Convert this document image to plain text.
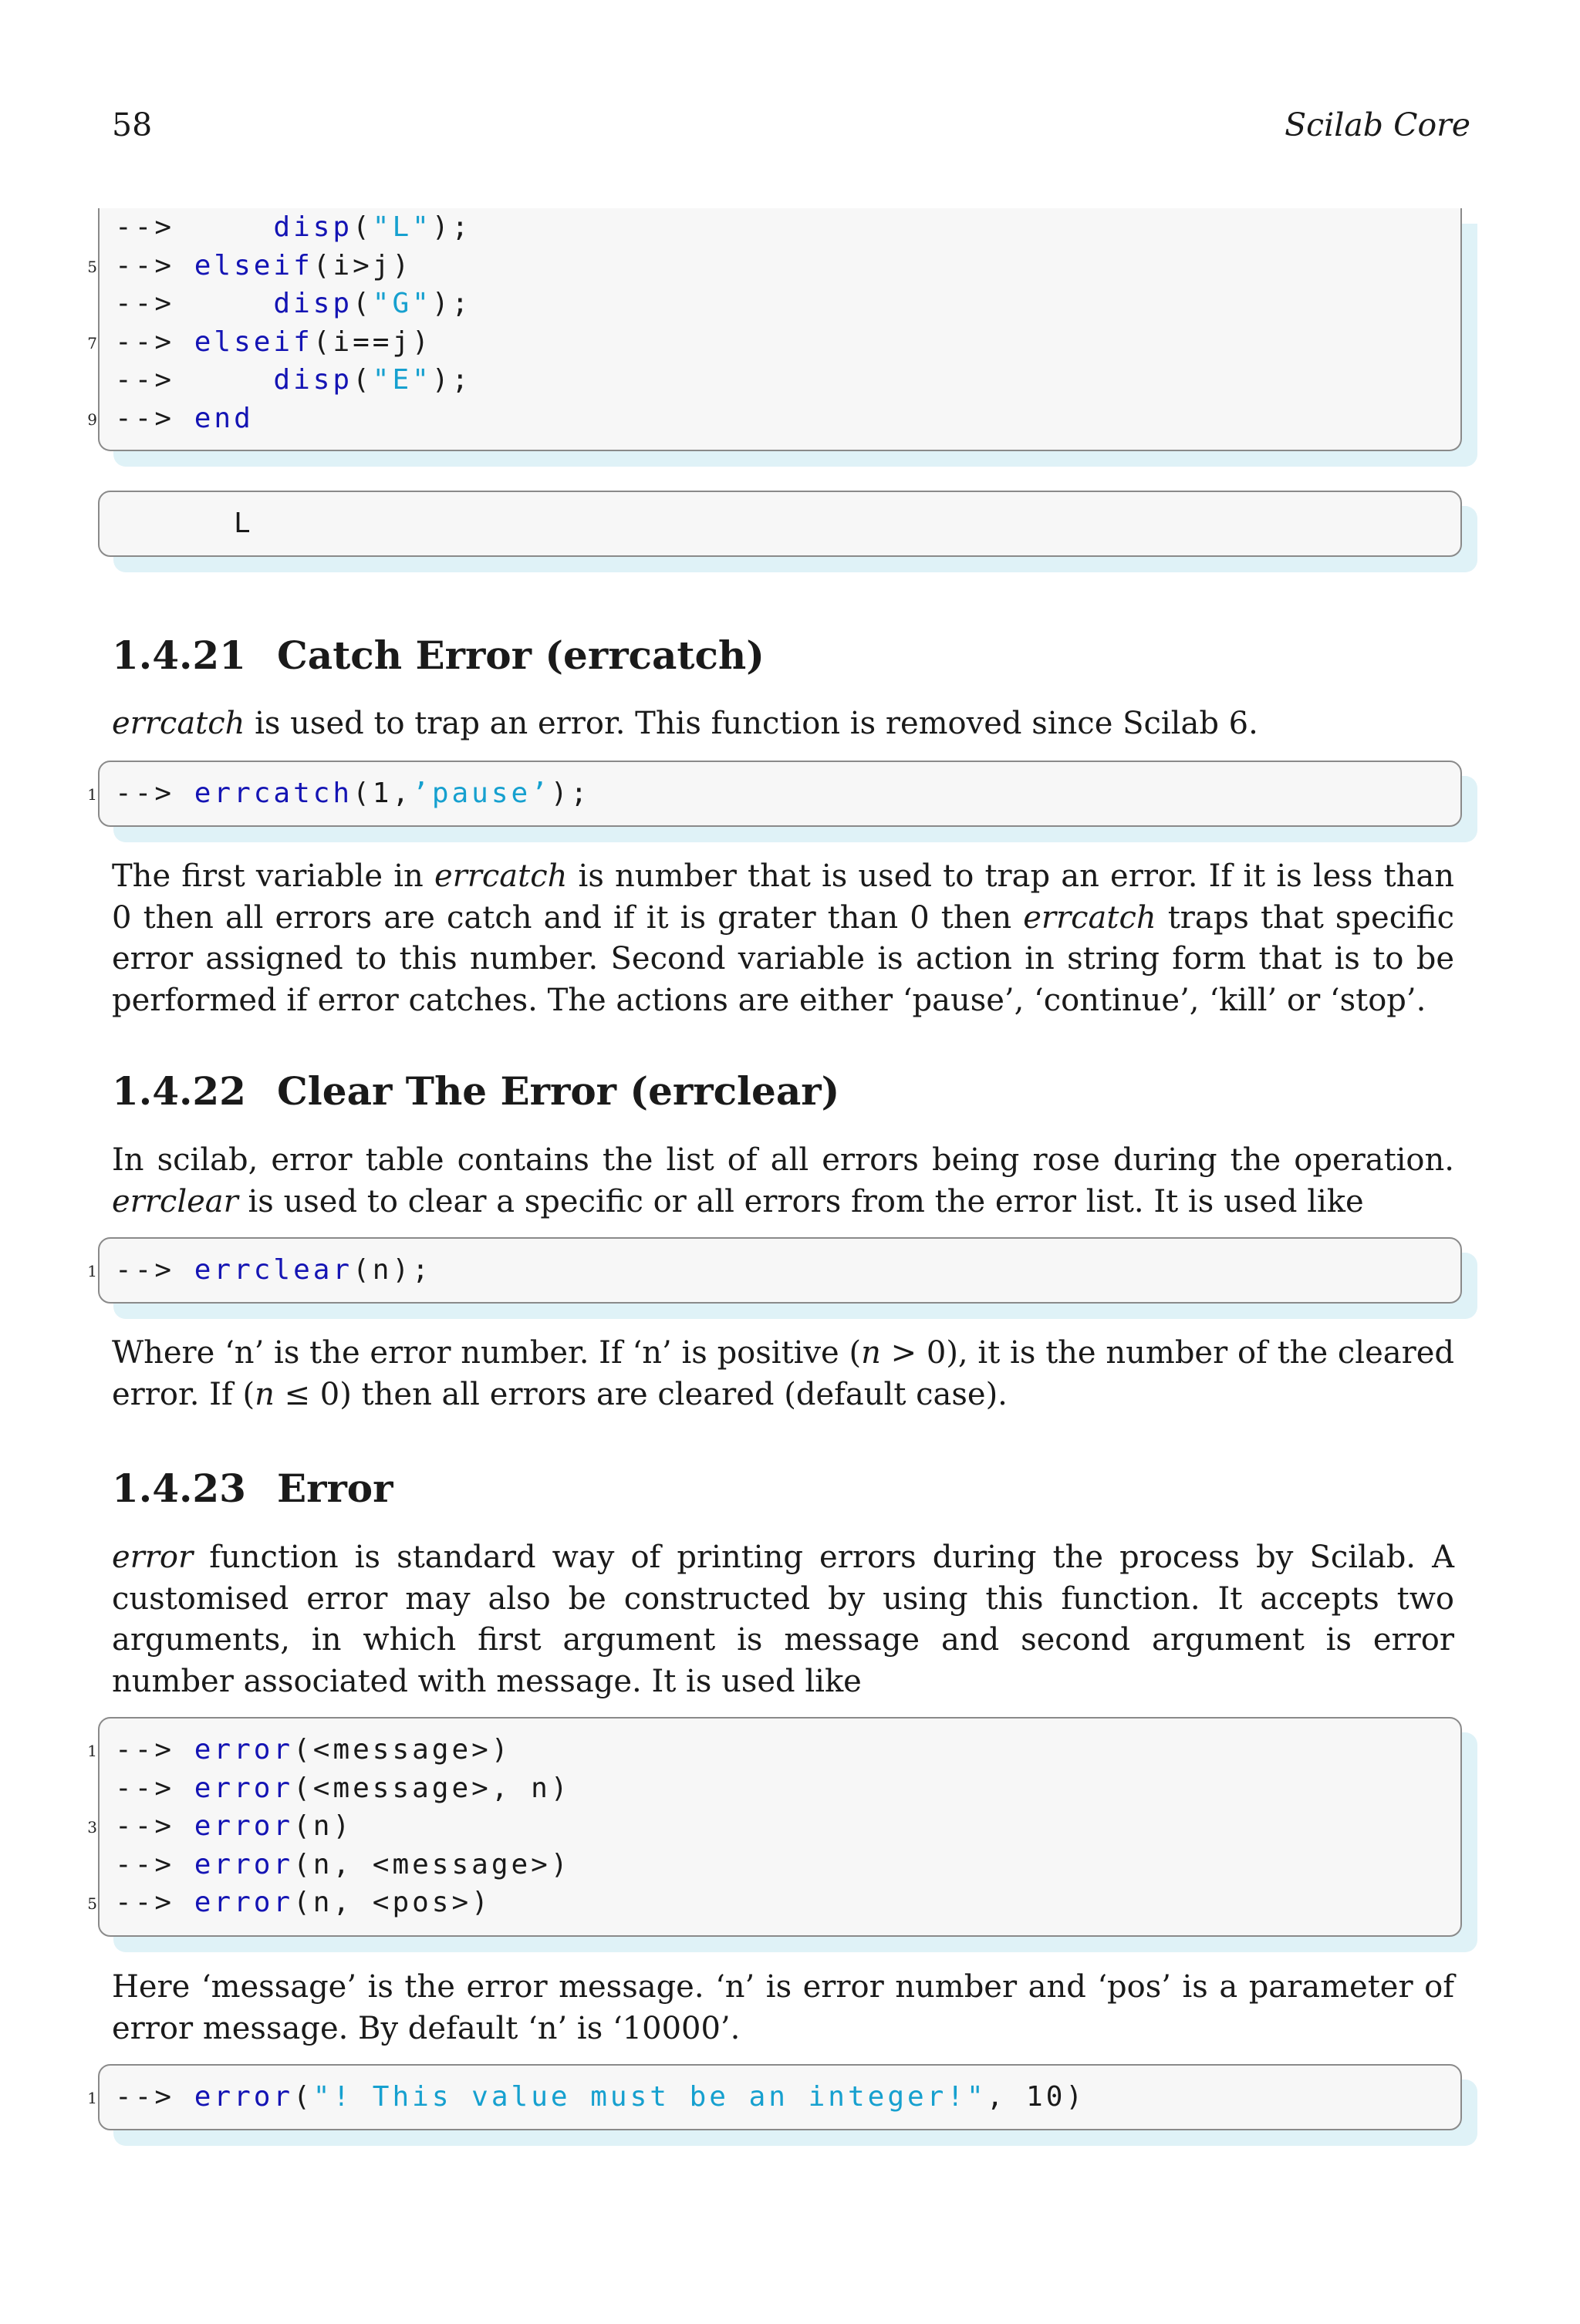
58	Scilab Core
-->	disp("L");
5 --> elseif(i>j)
-->	disp("G");
7 --> elseif(i==j)
-->	disp("E");
9 --> end
L
1.4.21 Catch Error (errcatch)

errcatch is used to trap an error. This function is removed since Scilab 6.

1 --> errcatch(1,’pause’);

The first variable in errcatch is number that is used to trap an error. If it is less than 0 then all errors are catch and if it is grater than 0 then errcatch traps that specific error assigned to this number. Second variable is action in string form that is to be performed if error catches. The actions are either ‘pause’, ‘continue’, ‘kill’ or ‘stop’.

1.4.22 Clear The Error (errclear)

In scilab, error table contains the list of all errors being rose during the operation. errclear is used to clear a specific or all errors from the error list. It is used like

1 --> errclear(n);

Where ‘n’ is the error number. If ‘n’ is positive (n > 0), it is the number of the cleared error. If (n ≤ 0) then all errors are cleared (default case).

1.4.23 Error

error function is standard way of printing errors during the process by Scilab. A customised error may also be constructed by using this function. It accepts two arguments, in which first argument is message and second argument is error number associated with message. It is used like

1 --> error(<message>)
--> error(<message>, n)
3 --> error(n)
--> error(n, <message>)
5 --> error(n, <pos>)

Here ‘message’ is the error message. ‘n’ is error number and ‘pos’ is a parameter of error message. By default ‘n’ is ‘10000’.

1 --> error("! This value must be an integer!", 10)
